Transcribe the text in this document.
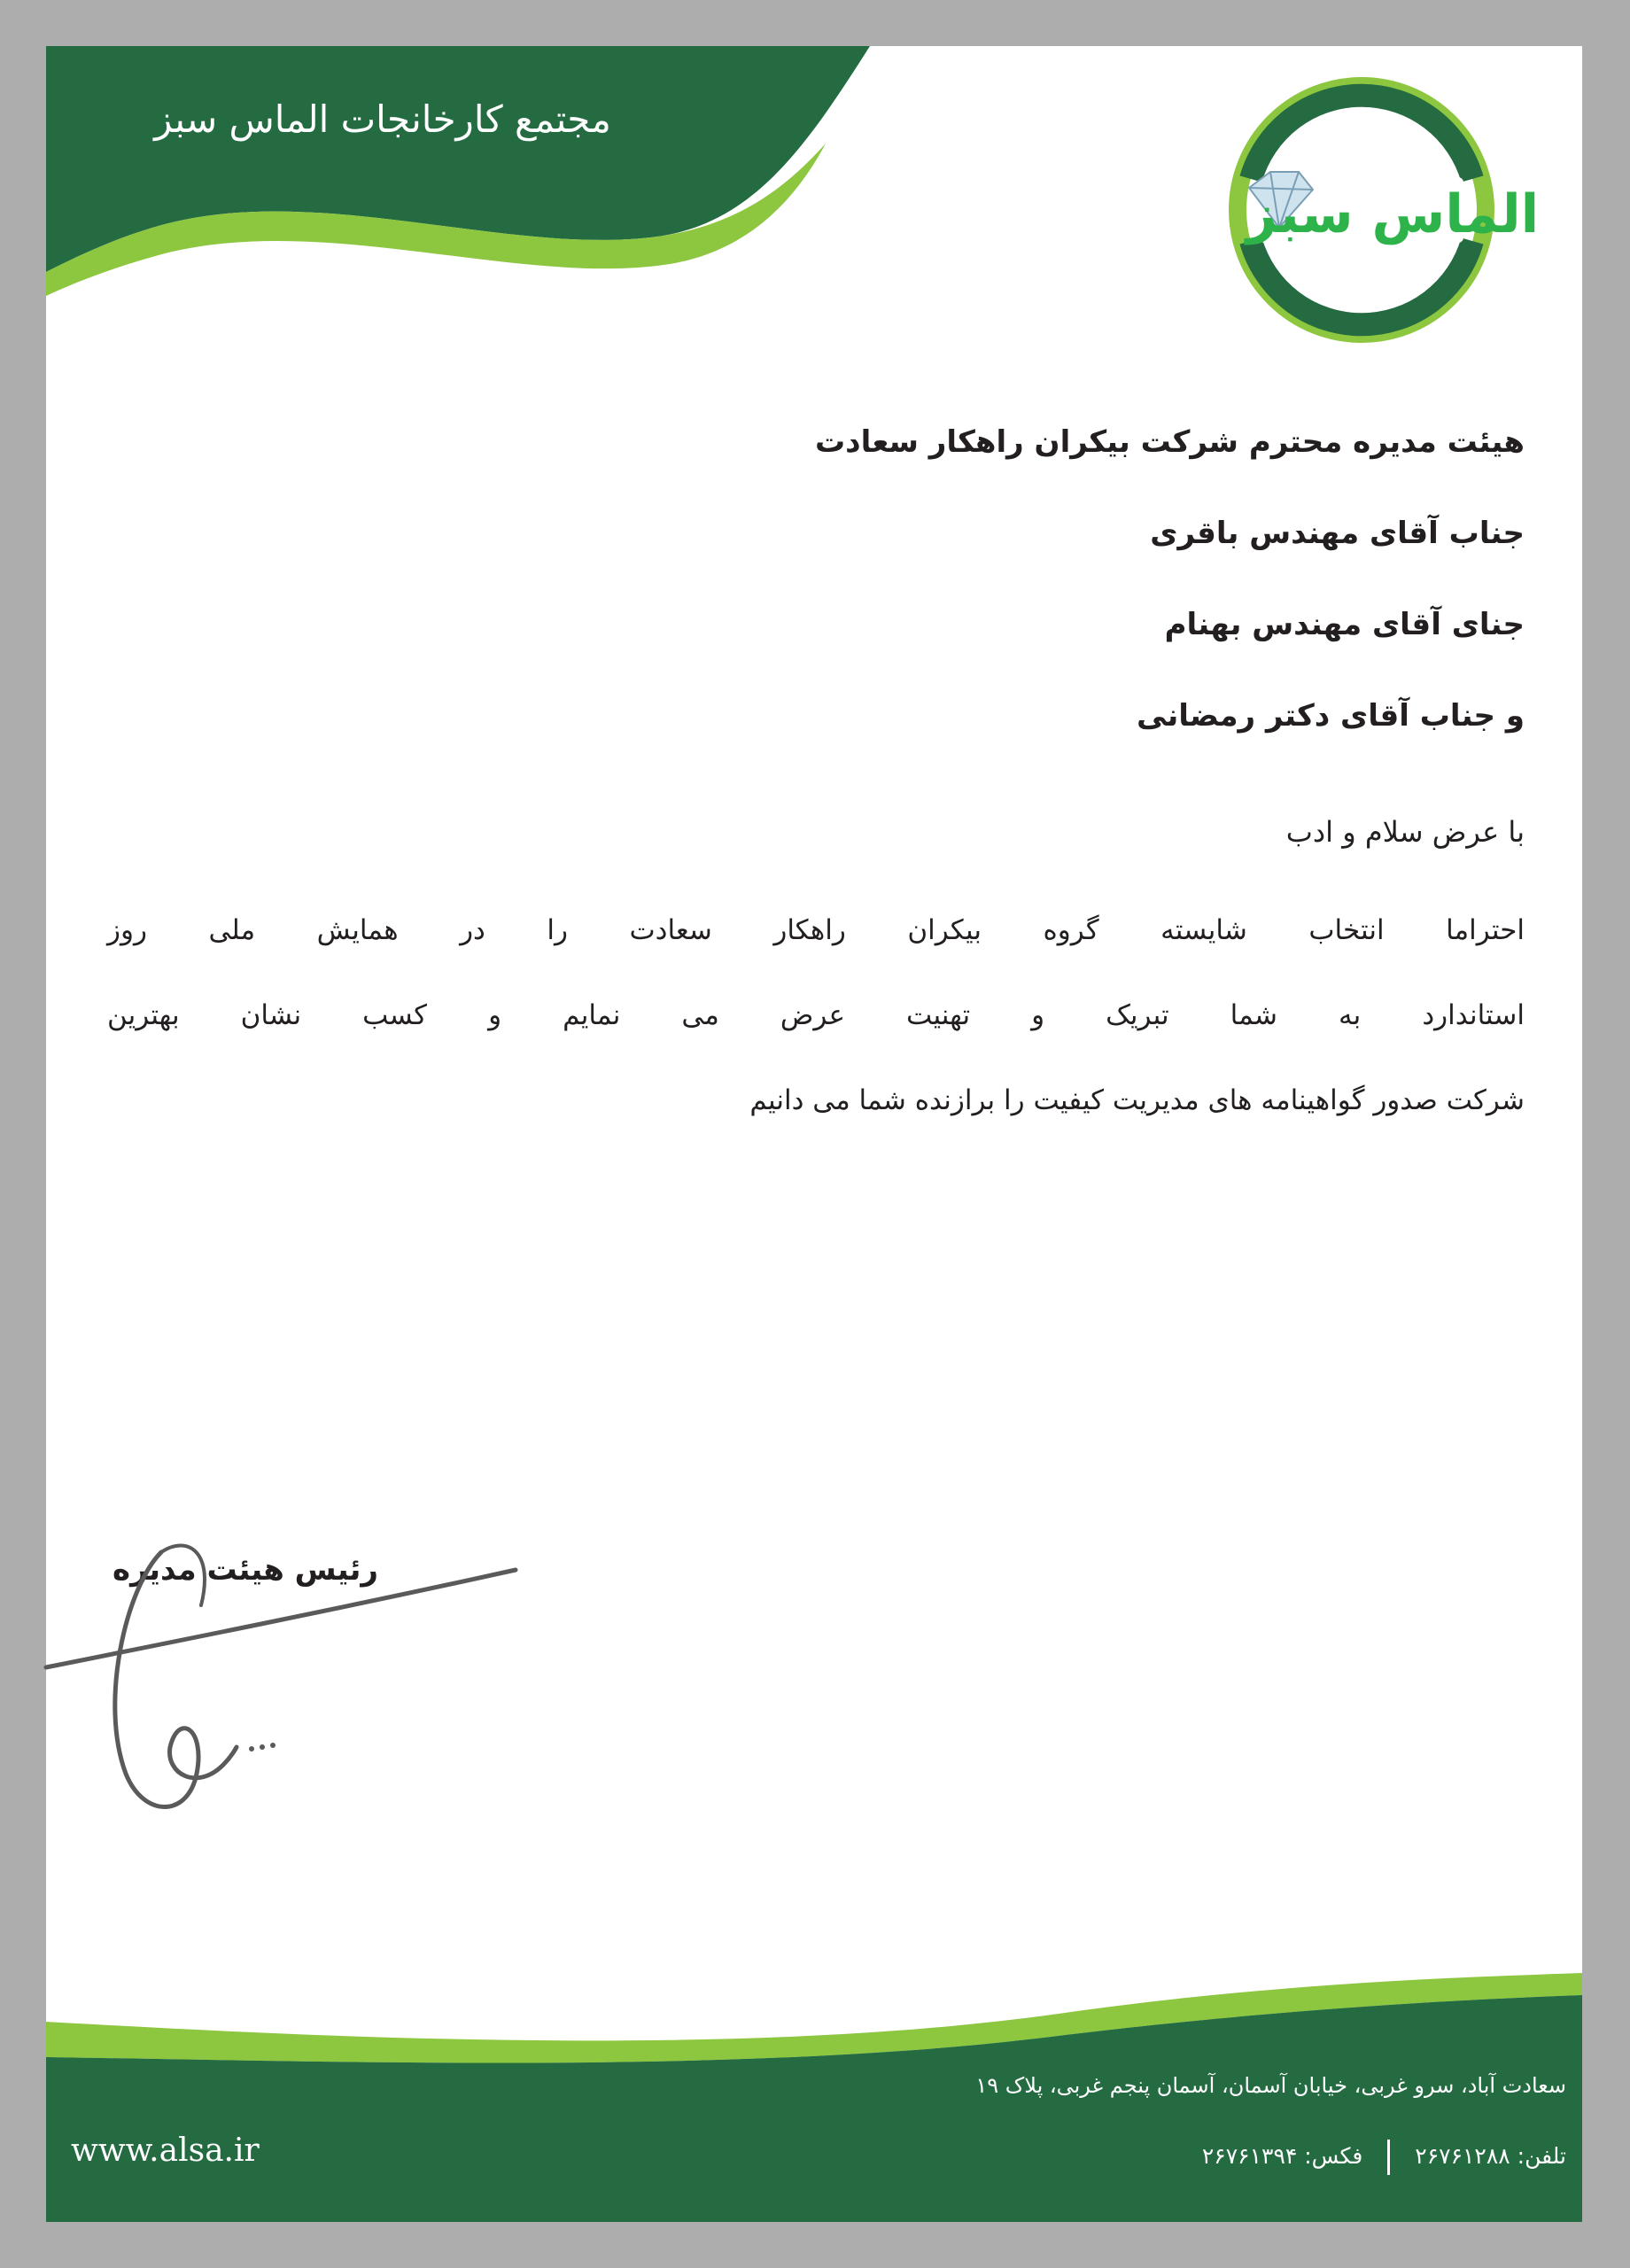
مجتمع کارخانجات الماس سبز
الماس سبز
هیئت مدیره محترم شرکت بیکران راهکار سعادت
جناب آقای مهندس باقری
جنای آقای مهندس بهنام
و جناب آقای دکتر رمضانی
با عرض سلام و ادب
احتراما انتخاب شایسته گروه بیکران راهکار سعادت را در همایش ملی روز
استاندارد به شما تبریک و تهنیت عرض می نمایم و کسب نشان بهترین
شرکت صدور گواهینامه های مدیریت کیفیت را برازنده شما می دانیم
رئیس هیئت مدیره
سعادت آباد، سرو غربی، خیابان آسمان، آسمان پنجم غربی، پلاک ۱۹
تلفن: ۲۶۷۶۱۲۸۸فکس: ۲۶۷۶۱۳۹۴
www.alsa.ir
